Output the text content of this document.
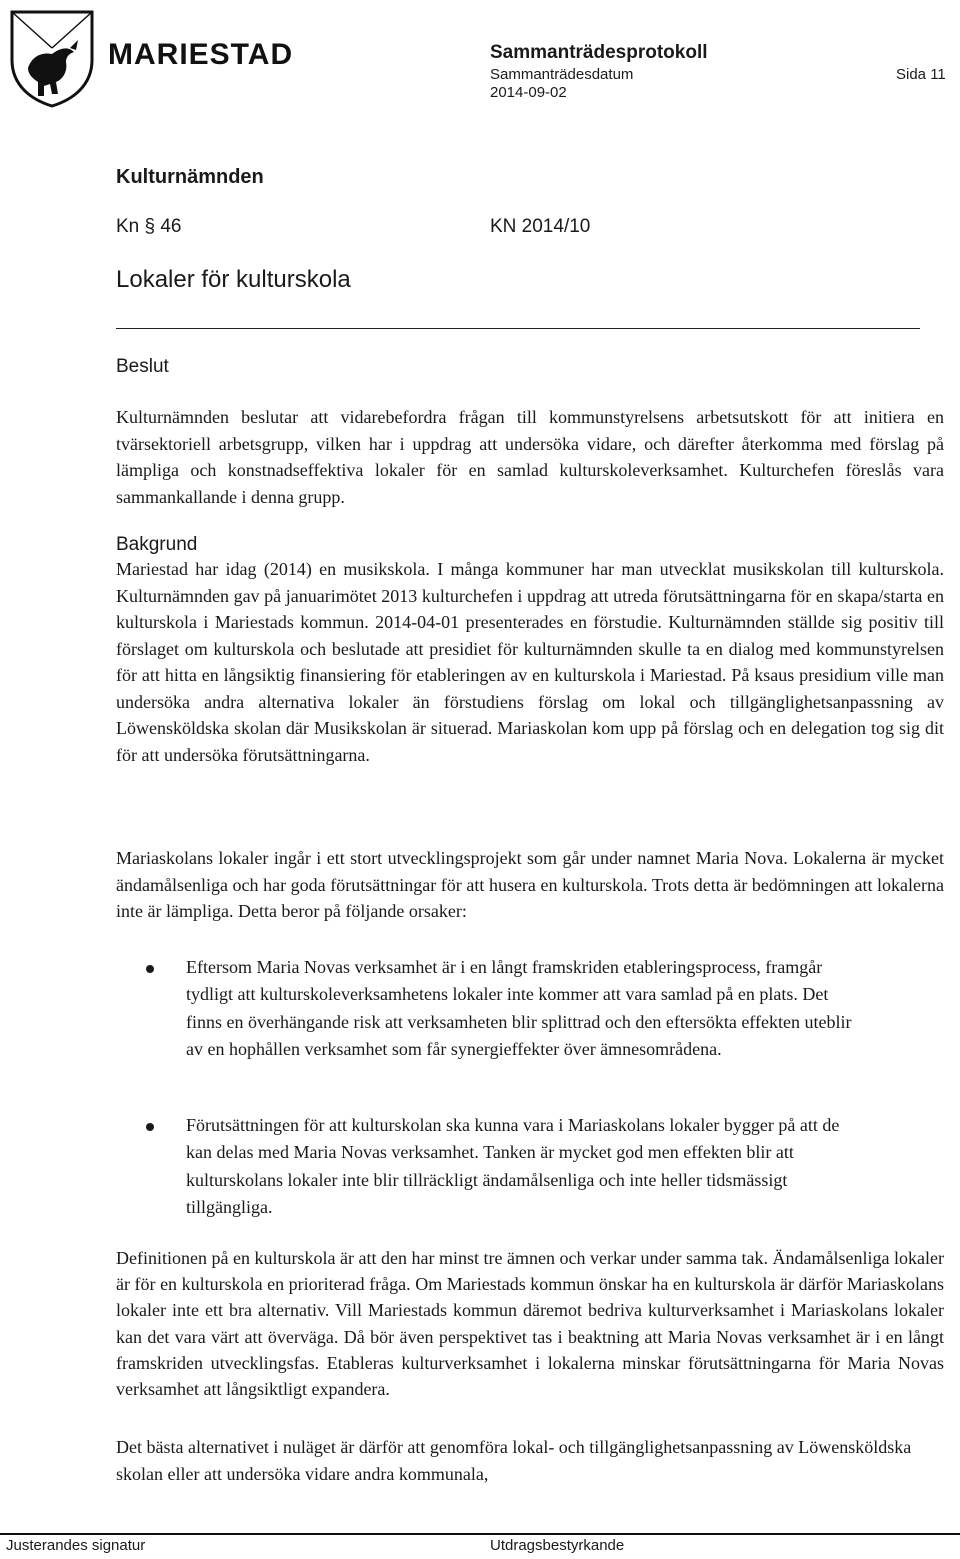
MARIESTAD	Sammanträdesprotokoll
Sammanträdesdatum
2014-09-02
Sida 11
Kulturnämnden
Kn § 46	KN 2014/10
Lokaler för kulturskola
Beslut
Kulturnämnden beslutar att vidarebefordra frågan till kommunstyrelsens arbetsutskott för att initiera en tvärsektoriell arbetsgrupp, vilken har i uppdrag att undersöka vidare, och därefter återkomma med förslag på lämpliga och konstnadseffektiva lokaler för en samlad kulturskoleverksamhet. Kulturchefen föreslås vara sammankallande i denna grupp.
Bakgrund
Mariestad har idag (2014) en musikskola. I många kommuner har man utvecklat musikskolan till kulturskola. Kulturnämnden gav på januarimötet 2013 kulturchefen i uppdrag att utreda förutsättningarna för en skapa/starta en kulturskola i Mariestads kommun. 2014-04-01 presenterades en förstudie. Kulturnämnden ställde sig positiv till förslaget om kulturskola och beslutade att presidiet för kulturnämnden skulle ta en dialog med kommunstyrelsen för att hitta en långsiktig finansiering för etableringen av en kulturskola i Mariestad. På ksaus presidium ville man undersöka andra alternativa lokaler än förstudiens förslag om lokal och tillgänglighetsanpassning av Löwensköldska skolan där Musikskolan är situerad. Mariaskolan kom upp på förslag och en delegation tog sig dit för att undersöka förutsättningarna.
Mariaskolans lokaler ingår i ett stort utvecklingsprojekt som går under namnet Maria Nova. Lokalerna är mycket ändamålsenliga och har goda förutsättningar för att husera en kulturskola. Trots detta är bedömningen att lokalerna inte är lämpliga. Detta beror på följande orsaker:
Eftersom Maria Novas verksamhet är i en långt framskriden etableringsprocess, framgår tydligt att kulturskoleverksamhetens lokaler inte kommer att vara samlad på en plats. Det finns en överhängande risk att verksamheten blir splittrad och den eftersökta effekten uteblir av en hophållen verksamhet som får synergieffekter över ämnesområdena.
Förutsättningen för att kulturskolan ska kunna vara i Mariaskolans lokaler bygger på att de kan delas med Maria Novas verksamhet. Tanken är mycket god men effekten blir att kulturskolans lokaler inte blir tillräckligt ändamålsenliga och inte heller tidsmässigt tillgängliga.
Definitionen på en kulturskola är att den har minst tre ämnen och verkar under samma tak. Ändamålsenliga lokaler är för en kulturskola en prioriterad fråga. Om Mariestads kommun önskar ha en kulturskola är därför Mariaskolans lokaler inte ett bra alternativ. Vill Mariestads kommun däremot bedriva kulturverksamhet i Mariaskolans lokaler kan det vara värt att överväga. Då bör även perspektivet tas i beaktning att Maria Novas verksamhet är i en långt framskriden utvecklingsfas. Etableras kulturverksamhet i lokalerna minskar förutsättningarna för Maria Novas verksamhet att långsiktligt expandera.
Det bästa alternativet i nuläget är därför att genomföra lokal- och tillgänglighetsanpassning av Löwensköldska skolan eller att undersöka vidare andra kommunala,
Justerandes signatur	Utdragsbestyrkande
